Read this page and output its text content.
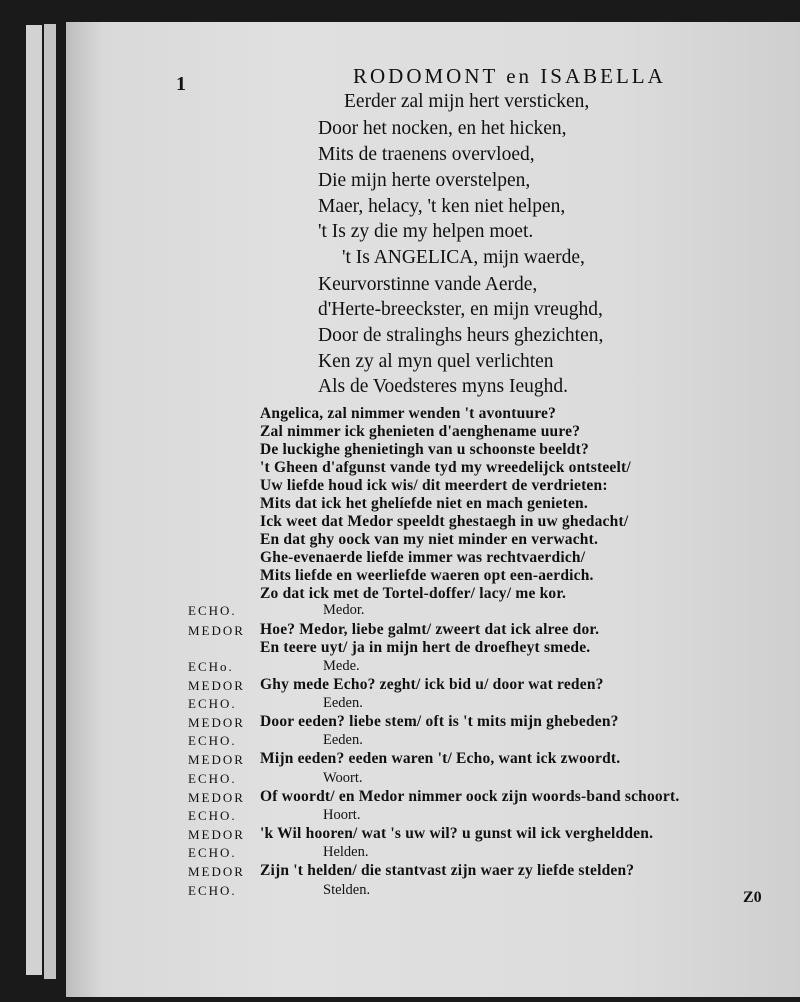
1	RODOMONT en ISABELLA
Eerder zal mijn hert versticken,
Door het nocken, en het hicken,
Mits de traenens overvloed,
Die mijn herte overstelpen,
Maer, helacy, 't ken niet helpen,
't Is zy die my helpen moet.
't Is ANGELICA, mijn waerde,
Keurvorstinne vande Aerde,
d'Herte-breeckster, en mijn vreughd,
Door de stralinghs heurs ghezichten,
Ken zy al myn quel verlichten
Als de Voedsteres myns Ieughd.
Angelica, zal nimmer wenden 't avontuure?
Zal nimmer ick ghenieten d'aenghename uure?
De luckighe ghenietingh van u schoonste beeldt?
't Gheen d'afgunst vande tyd my wreedelijck ontsteelt/
Uw liefde houd ick wis/ dit meerdert de verdrieten:
Mits dat ick het ghelíefde niet en mach genieten.
Ick weet dat Medor speeldt ghestaegh in uw ghedacht/
En dat ghy oock van my niet minder en verwacht.
Ghe-evenaerde liefde immer was rechtvaerdich/
Mits liefde en weerliefde waeren opt een-aerdich.
Zo dat ick met de Tortel-doffer/ lacy/ me kor.
ECHO.	Medor.
MEDOR Hoe? Medor, liebe galmt/ zweert dat ick alree dor.
En teere uyt/ ja in mijn hert de droefheyt smede.
ECHo.	Mede.
MEDOR Ghy mede Echo? zeght/ ick bid u/ door wat reden?
ECHO.	Eeden.
MEDOR Door eeden? liebe stem/ oft is 't mits mijn ghebeden?
ECHO.	Eeden.
MEDOR Mijn eeden? eeden waren 't/ Echo, want ick zwoordt.
ECHO.	Woort.
MEDOR Of woordt/ en Medor nimmer oock zijn woords-band schoort.
ECHO.	Hoort.
MEDOR 'k Wil hooren/ wat 's uw wil? u gunst wil ick vergheldden.
ECHO.	Helden.
MEDOR Zijn 't helden/ die stantvast zijn waer zy liefde stelden?
ECHO.	Stelden.	Z0
